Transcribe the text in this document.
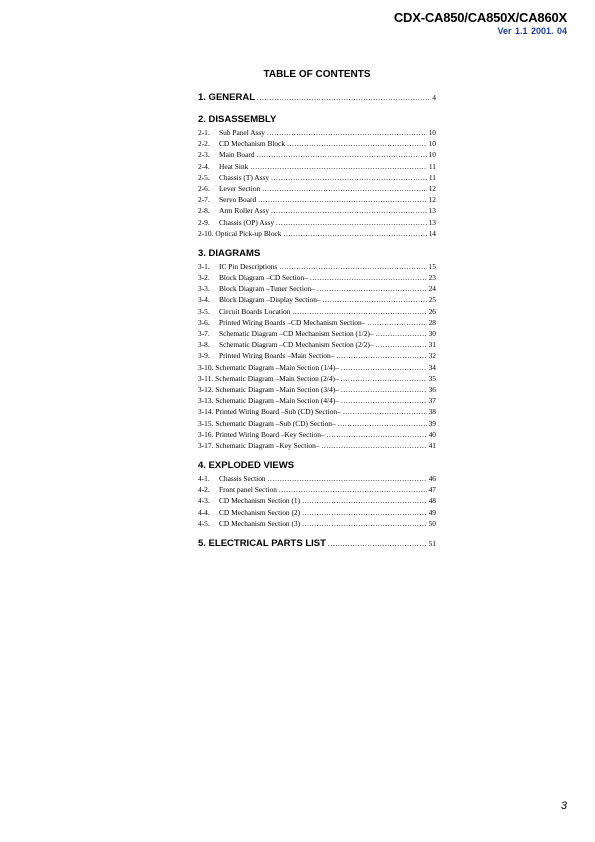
CDX-CA850/CA850X/CA860X
Ver 1.1 2001. 04
TABLE OF CONTENTS
1. GENERAL .....	4
2. DISASSEMBLY
2-1.	Sub Panel Assy .....	10
2-2.	CD Mechanism Block .....	10
2-3.	Main Board .....	10
2-4.	Heat Sink .....	11
2-5.	Chassis (T) Assy .....	11
2-6.	Lever Section .....	12
2-7.	Servo Board .....	12
2-8.	Arm Roller Assy .....	13
2-9.	Chassis (OP) Assy .....	13
2-10. Optical Pick-up Block .....	14
3. DIAGRAMS
3-1.	IC Pin Descriptions .....	15
3-2.	Block Diagram –CD Section– .....	23
3-3.	Block Diagram –Tuner Section– .....	24
3-4.	Block Diagram –Display Section– .....	25
3-5.	Circuit Boards Location .....	26
3-6.	Printed Wiring Boards –CD Mechanism Section– .....	28
3-7.	Schematic Diagram –CD Mechanism Section (1/2)– .....	30
3-8.	Schematic Diagram –CD Mechanism Section (2/2)– .....	31
3-9.	Printed Wiring Boards –Main Section– .....	32
3-10. Schematic Diagram –Main Section (1/4)– .....	34
3-11. Schematic Diagram –Main Section (2/4)– .....	35
3-12. Schematic Diagram –Main Section (3/4)– .....	36
3-13. Schematic Diagram –Main Section (4/4)– .....	37
3-14. Printed Wiring Board –Sub (CD) Section– .....	38
3-15. Schematic Diagram –Sub (CD) Section– .....	39
3-16. Printed Wiring Board –Key Section– .....	40
3-17. Schematic Diagram –Key Section– .....	41
4. EXPLODED VIEWS
4-1.	Chassis Section .....	46
4-2.	Front panel Section .....	47
4-3.	CD Mechanism Section (1) .....	48
4-4.	CD Mechanism Section (2) .....	49
4-5.	CD Mechanism Section (3) .....	50
5. ELECTRICAL PARTS LIST .....	51
3
